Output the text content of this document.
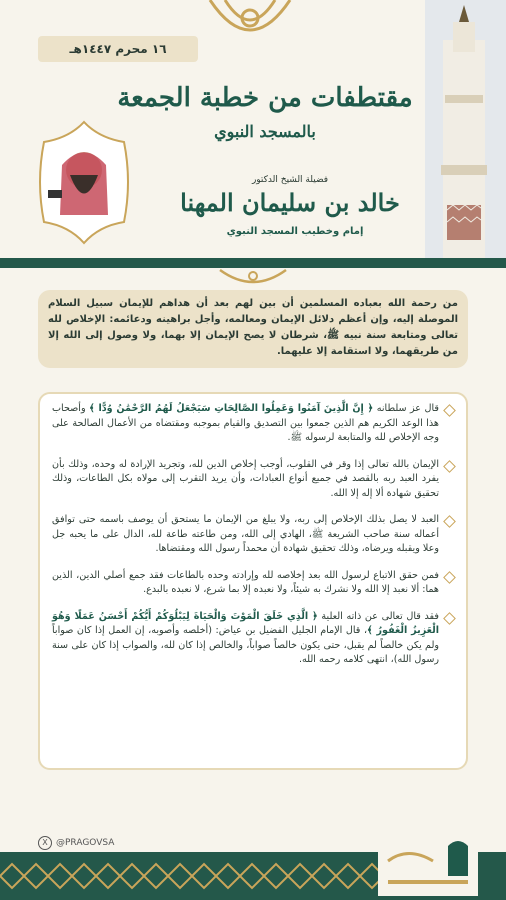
١٦ محرم ١٤٤٧هـ
مقتطفات من خطبة الجمعة
بالمسجد النبوي
فضيلة الشيخ الدكتور
خالد بن سليمان المهنا
إمام وخطيب المسجد النبوي
من رحمة الله بعباده المسلمين أن بين لهم بعد أن هداهم للإيمان سبيل السلام الموصلة إليه، وإن أعظم دلائل الإيمان ومعالمه، وأجل براهينه ودعائمه: الإخلاص لله تعالى ومتابعة سنة نبيه ﷺ، شرطان لا يصح الإيمان إلا بهما، ولا وصول إلى الله إلا من طريقهما، ولا استقامة إلا عليهما.
قال عز سلطانه ﴿ إِنَّ الَّذِينَ آمَنُوا وَعَمِلُوا الصَّالِحَاتِ سَيَجْعَلُ لَهُمُ الرَّحْمَٰنُ وُدًّا ﴾ وأصحاب هذا الوعد الكريم هم الذين جمعوا بين التصديق والقيام بموجبه ومقتضاه من الأعمال الصالحة على وجه الإخلاص لله والمتابعة لرسوله ﷺ.
الإيمان بالله تعالى إذا وقر في القلوب، أوجب إخلاص الدين لله، وتجريد الإرادة له وحده، وذلك بأن يفرد العبد ربه بالقصد في جميع أنواع العبادات، وأن يريد التقرب إلى مولاه بكل الطاعات، وذلك تحقيق شهادة ألا إله إلا الله.
العبد لا يصل بذلك الإخلاص إلى ربه، ولا يبلغ من الإيمان ما يستحق أن يوصف باسمه حتى توافق أعماله سنة صاحب الشريعة ﷺ، الهادي إلى الله، ومن طاعته طاعة لله، الدال على ما يحبه جل وعلا ويقبله ويرضاه، وذلك تحقيق شهادة أن محمداً رسول الله ومقتضاها.
فمن حقق الاتباع لرسول الله بعد إخلاصه لله وإرادته وحده بالطاعات فقد جمع أصلي الدين، الذين هما: ألا نعبد إلا الله ولا نشرك به شيئاً، ولا نعبده إلا بما شرع، لا نعبده بالبدع.
فقد قال تعالى عن ذاته العلية ﴿ الَّذِي خَلَقَ الْمَوْتَ وَالْحَيَاةَ لِيَبْلُوَكُمْ أَيُّكُمْ أَحْسَنُ عَمَلًا وَهُوَ الْعَزِيزُ الْغَفُورُ ﴾، قال الإمام الجليل الفضيل بن عياض: (أخلصه وأصوبه، إن العمل إذا كان صواباً ولم يكن خالصاً لم يقبل، حتى يكون خالصاً صواباً، والخالص إذا كان لله، والصواب إذا كان على سنة رسول الله)، انتهى كلامه رحمه الله.
X @PRAGOVSA
